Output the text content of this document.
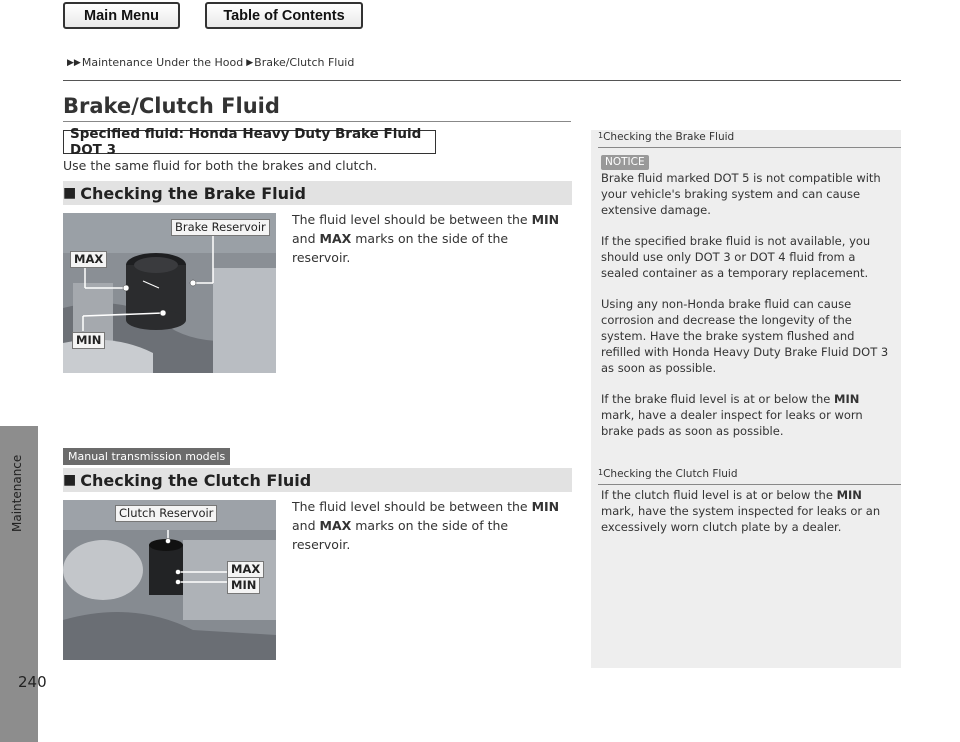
Main Menu	Table of Contents
▶▶ Maintenance Under the Hood ▶ Brake/Clutch Fluid
Maintenance
240
Brake/Clutch Fluid
Specified fluid: Honda Heavy Duty Brake Fluid DOT 3
Use the same fluid for both the brakes and clutch.
■ Checking the Brake Fluid
Brake Reservoir
MAX
MIN
The fluid level should be between the MIN and MAX marks on the side of the reservoir.
Manual transmission models
■ Checking the Clutch Fluid
Clutch Reservoir
MAX
MIN
The fluid level should be between the MIN and MAX marks on the side of the reservoir.
$^1$Checking the Brake Fluid
NOTICE

Brake fluid marked DOT 5 is not compatible with your vehicle's braking system and can cause extensive damage.

If the specified brake fluid is not available, you should use only DOT 3 or DOT 4 fluid from a sealed container as a temporary replacement.

Using any non-Honda brake fluid can cause corrosion and decrease the longevity of the system. Have the brake system flushed and refilled with Honda Heavy Duty Brake Fluid DOT 3 as soon as possible.

If the brake fluid level is at or below the MIN mark, have a dealer inspect for leaks or worn brake pads as soon as possible.

$^1$Checking the Clutch Fluid

If the clutch fluid level is at or below the MIN mark, have the system inspected for leaks or an excessively worn clutch plate by a dealer.
